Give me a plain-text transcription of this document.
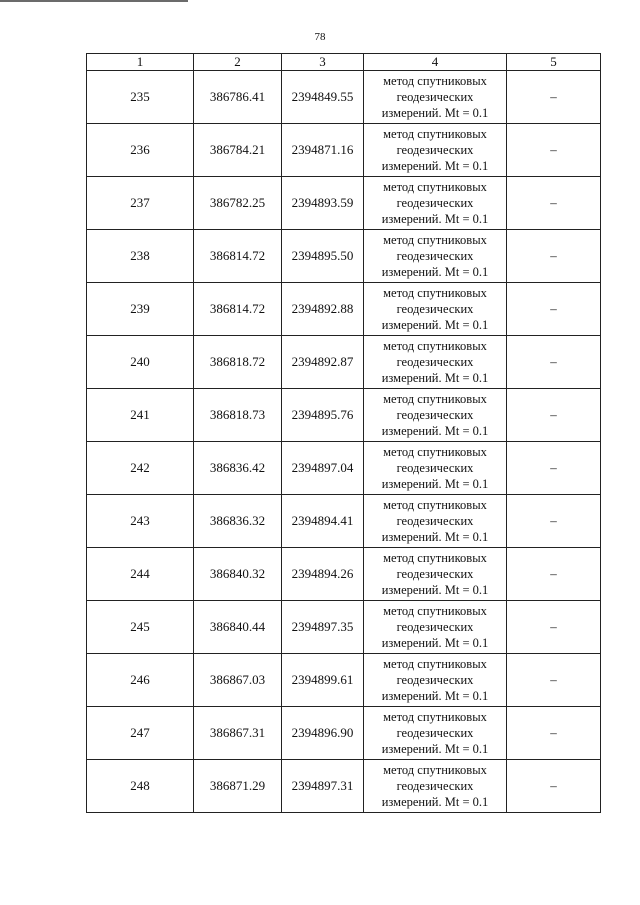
78
1	2	3	4	5
235	386786.41	2394849.55	метод спутниковых
геодезических
измерений. Mt = 0.1	–
236	386784.21	2394871.16	метод спутниковых
геодезических
измерений. Mt = 0.1	–
237	386782.25	2394893.59	метод спутниковых
геодезических
измерений. Mt = 0.1	–
238	386814.72	2394895.50	метод спутниковых
геодезических
измерений. Mt = 0.1	–
239	386814.72	2394892.88	метод спутниковых
геодезических
измерений. Mt = 0.1	–
240	386818.72	2394892.87	метод спутниковых
геодезических
измерений. Mt = 0.1	–
241	386818.73	2394895.76	метод спутниковых
геодезических
измерений. Mt = 0.1	–
242	386836.42	2394897.04	метод спутниковых
геодезических
измерений. Mt = 0.1	–
243	386836.32	2394894.41	метод спутниковых
геодезических
измерений. Mt = 0.1	–
244	386840.32	2394894.26	метод спутниковых
геодезических
измерений. Mt = 0.1	–
245	386840.44	2394897.35	метод спутниковых
геодезических
измерений. Mt = 0.1	–
246	386867.03	2394899.61	метод спутниковых
геодезических
измерений. Mt = 0.1	–
247	386867.31	2394896.90	метод спутниковых
геодезических
измерений. Mt = 0.1	–
248	386871.29	2394897.31	метод спутниковых
геодезических
измерений. Mt = 0.1	–
